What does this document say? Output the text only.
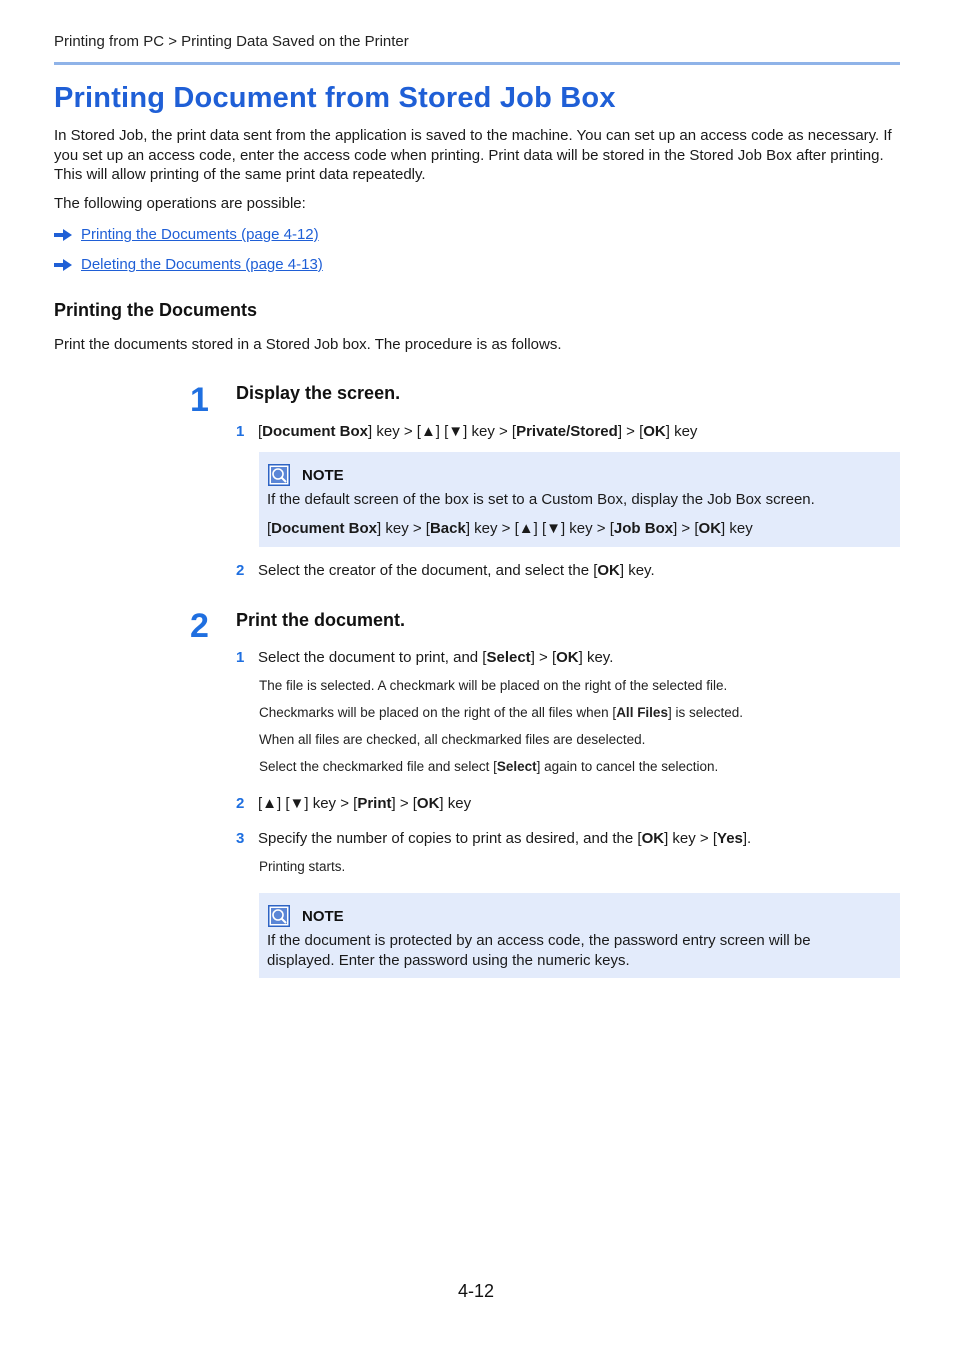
Printing from PC > Printing Data Saved on the Printer
Printing Document from Stored Job Box
In Stored Job, the print data sent from the application is saved to the machine. You can set up an access code as necessary. If you set up an access code, enter the access code when printing. Print data will be stored in the Stored Job Box after printing. This will allow printing of the same print data repeatedly.
The following operations are possible:
Printing the Documents (page 4-12)
Deleting the Documents (page 4-13)
Printing the Documents
Print the documents stored in a Stored Job box. The procedure is as follows.
1 Display the screen.
1 [Document Box] key > [▲] [▼] key > [Private/Stored] > [OK] key
NOTE
If the default screen of the box is set to a Custom Box, display the Job Box screen.
[Document Box] key > [Back] key > [▲] [▼] key > [Job Box] > [OK] key
2 Select the creator of the document, and select the [OK] key.
2 Print the document.
1 Select the document to print, and [Select] > [OK] key.
The file is selected. A checkmark will be placed on the right of the selected file.
Checkmarks will be placed on the right of the all files when [All Files] is selected.
When all files are checked, all checkmarked files are deselected.
Select the checkmarked file and select [Select] again to cancel the selection.
2 [▲] [▼] key > [Print] > [OK] key
3 Specify the number of copies to print as desired, and the [OK] key > [Yes].
Printing starts.
NOTE
If the document is protected by an access code, the password entry screen will be displayed. Enter the password using the numeric keys.
4-12
